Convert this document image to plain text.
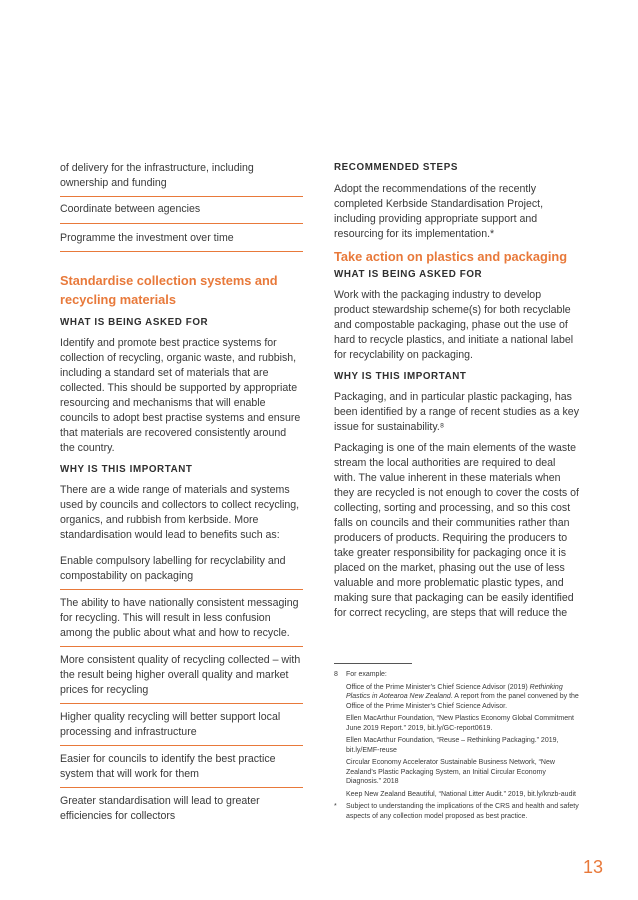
of delivery for the infrastructure, including ownership and funding

Coordinate between agencies

Programme the investment over time

Standardise collection systems and recycling materials
WHAT IS BEING ASKED FOR

Identify and promote best practice systems for collection of recycling, organic waste, and rubbish, including a standard set of materials that are collected. This should be supported by appropriate resourcing and mechanisms that will enable councils to adopt best practise systems and ensure that materials are recovered consistently around the country.

WHY IS THIS IMPORTANT

There are a wide range of materials and systems used by councils and collectors to collect recycling, organics, and rubbish from kerbside. More standardisation would lead to benefits such as:

Enable compulsory labelling for recyclability and compostability on packaging

The ability to have nationally consistent messaging for recycling. This will result in less confusion among the public about what and how to recycle.

More consistent quality of recycling collected – with the result being higher overall quality and market prices for recycling

Higher quality recycling will better support local processing and infrastructure

Easier for councils to identify the best practice system that will work for them

Greater standardisation will lead to greater efficiencies for collectors

RECOMMENDED STEPS

Adopt the recommendations of the recently completed Kerbside Standardisation Project, including providing appropriate support and resourcing for its implementation.*

Take action on plastics and packaging
WHAT IS BEING ASKED FOR

Work with the packaging industry to develop product stewardship scheme(s) for both recyclable and compostable packaging, phase out the use of hard to recycle plastics, and initiate a national label for recyclability on packaging.

WHY IS THIS IMPORTANT

Packaging, and in particular plastic packaging, has been identified by a range of recent studies as a key issue for sustainability.⁸

Packaging is one of the main elements of the waste stream the local authorities are required to deal with. The value inherent in these materials when they are recycled is not enough to cover the costs of collecting, sorting and processing, and so this cost falls on councils and their communities rather than producers of products. Requiring the producers to take greater responsibility for packaging once it is placed on the market, phasing out the use of less valuable and more problematic plastic types, and making sure that packaging can be easily identified for correct recycling, are steps that will reduce the

8	For example:

Office of the Prime Minister’s Chief Science Advisor (2019) Rethinking Plastics in Aotearoa New Zealand. A report from the panel convened by the Office of the Prime Minister’s Chief Science Advisor.

Ellen MacArthur Foundation, “New Plastics Economy Global Commitment June 2019 Report.” 2019, bit.ly/GC-report0619.

Ellen MacArthur Foundation, “Reuse – Rethinking Packaging.” 2019, bit.ly/EMF-reuse

Circular Economy Accelerator Sustainable Business Network, “New Zealand’s Plastic Packaging System, an Initial Circular Economy Diagnosis.” 2018

Keep New Zealand Beautiful, “National Litter Audit.” 2019, bit.ly/knzb-audit

*	Subject to understanding the implications of the CRS and health and safety aspects of any collection model proposed as best practice.
13
